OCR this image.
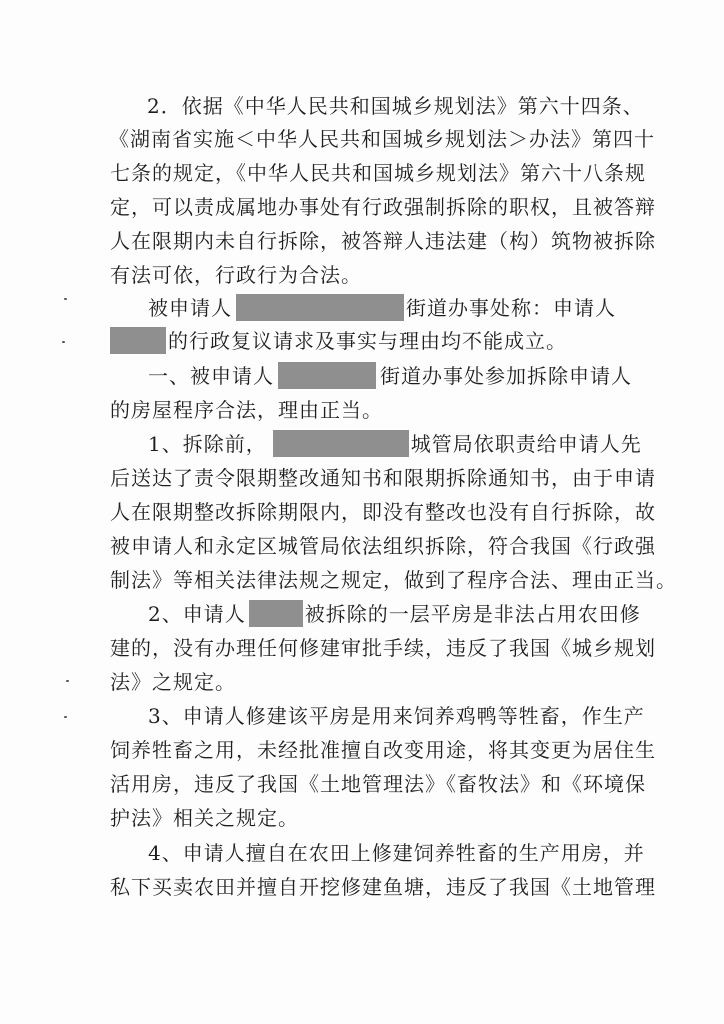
2．依据《中华人民共和国城乡规划法》第六十四条、
《湖南省实施＜中华人民共和国城乡规划法＞办法》第四十
七条的规定，《中华人民共和国城乡规划法》第六十八条规
定，可以责成属地办事处有行政强制拆除的职权，且被答辩
人在限期内未自行拆除，被答辩人违法建（构）筑物被拆除
有法可依，行政行为合法。
被申请人	街道办事处称：申请人
的行政复议请求及事实与理由均不能成立。
一、被申请人	街道办事处参加拆除申请人
的房屋程序合法，理由正当。
1、拆除前，	城管局依职责给申请人先
后送达了责令限期整改通知书和限期拆除通知书，由于申请
人在限期整改拆除期限内，即没有整改也没有自行拆除，故
被申请人和永定区城管局依法组织拆除，符合我国《行政强
制法》等相关法律法规之规定，做到了程序合法、理由正当。
2、申请人	被拆除的一层平房是非法占用农田修
建的，没有办理任何修建审批手续，违反了我国《城乡规划
法》之规定。
3、申请人修建该平房是用来饲养鸡鸭等牲畜，作生产
饲养牲畜之用，未经批准擅自改变用途，将其变更为居住生
活用房，违反了我国《土地管理法》《畜牧法》和《环境保
护法》相关之规定。
4、申请人擅自在农田上修建饲养牲畜的生产用房，并
私下买卖农田并擅自开挖修建鱼塘，违反了我国《土地管理
